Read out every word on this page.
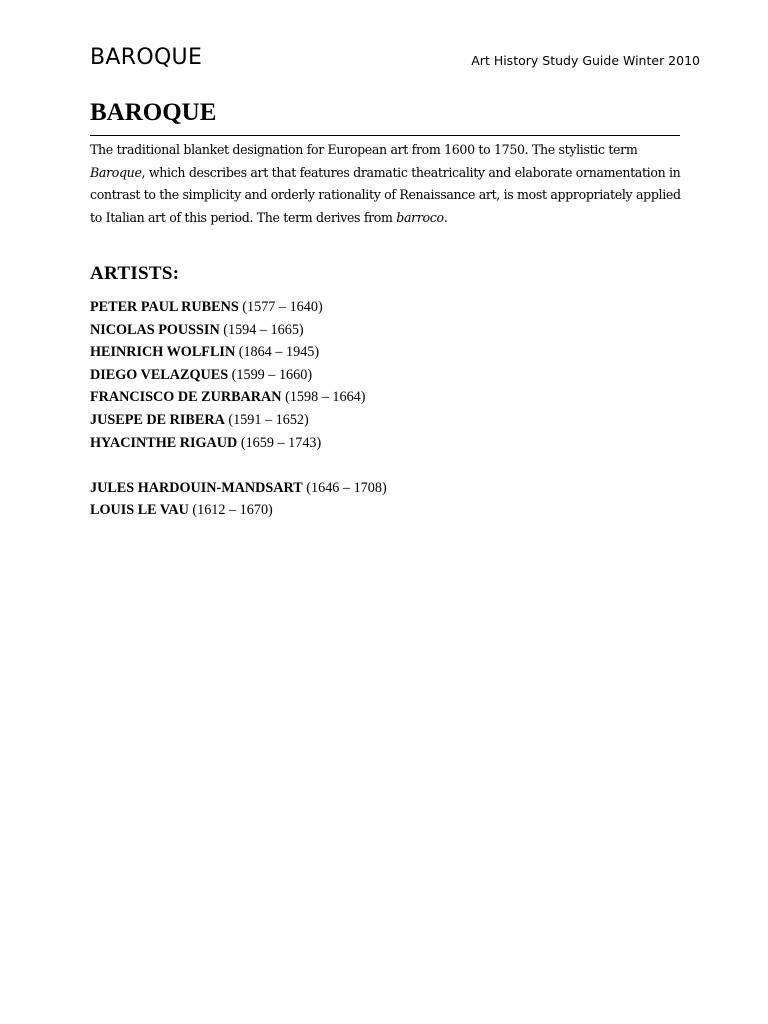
BAROQUE	Art History Study Guide Winter 2010
BAROQUE
The traditional blanket designation for European art from 1600 to 1750. The stylistic term
Baroque, which describes art that features dramatic theatricality and elaborate ornamentation in
contrast to the simplicity and orderly rationality of Renaissance art, is most appropriately applied
to Italian art of this period. The term derives from barroco.
ARTISTS:
PETER PAUL RUBENS (1577 – 1640)
NICOLAS POUSSIN (1594 – 1665)
HEINRICH WOLFLIN (1864 – 1945)
DIEGO VELAZQUES (1599 – 1660)
FRANCISCO DE ZURBARAN (1598 – 1664)
JUSEPE DE RIBERA (1591 – 1652)
HYACINTHE RIGAUD (1659 – 1743)
JULES HARDOUIN-MANDSART (1646 – 1708)
LOUIS LE VAU (1612 – 1670)
